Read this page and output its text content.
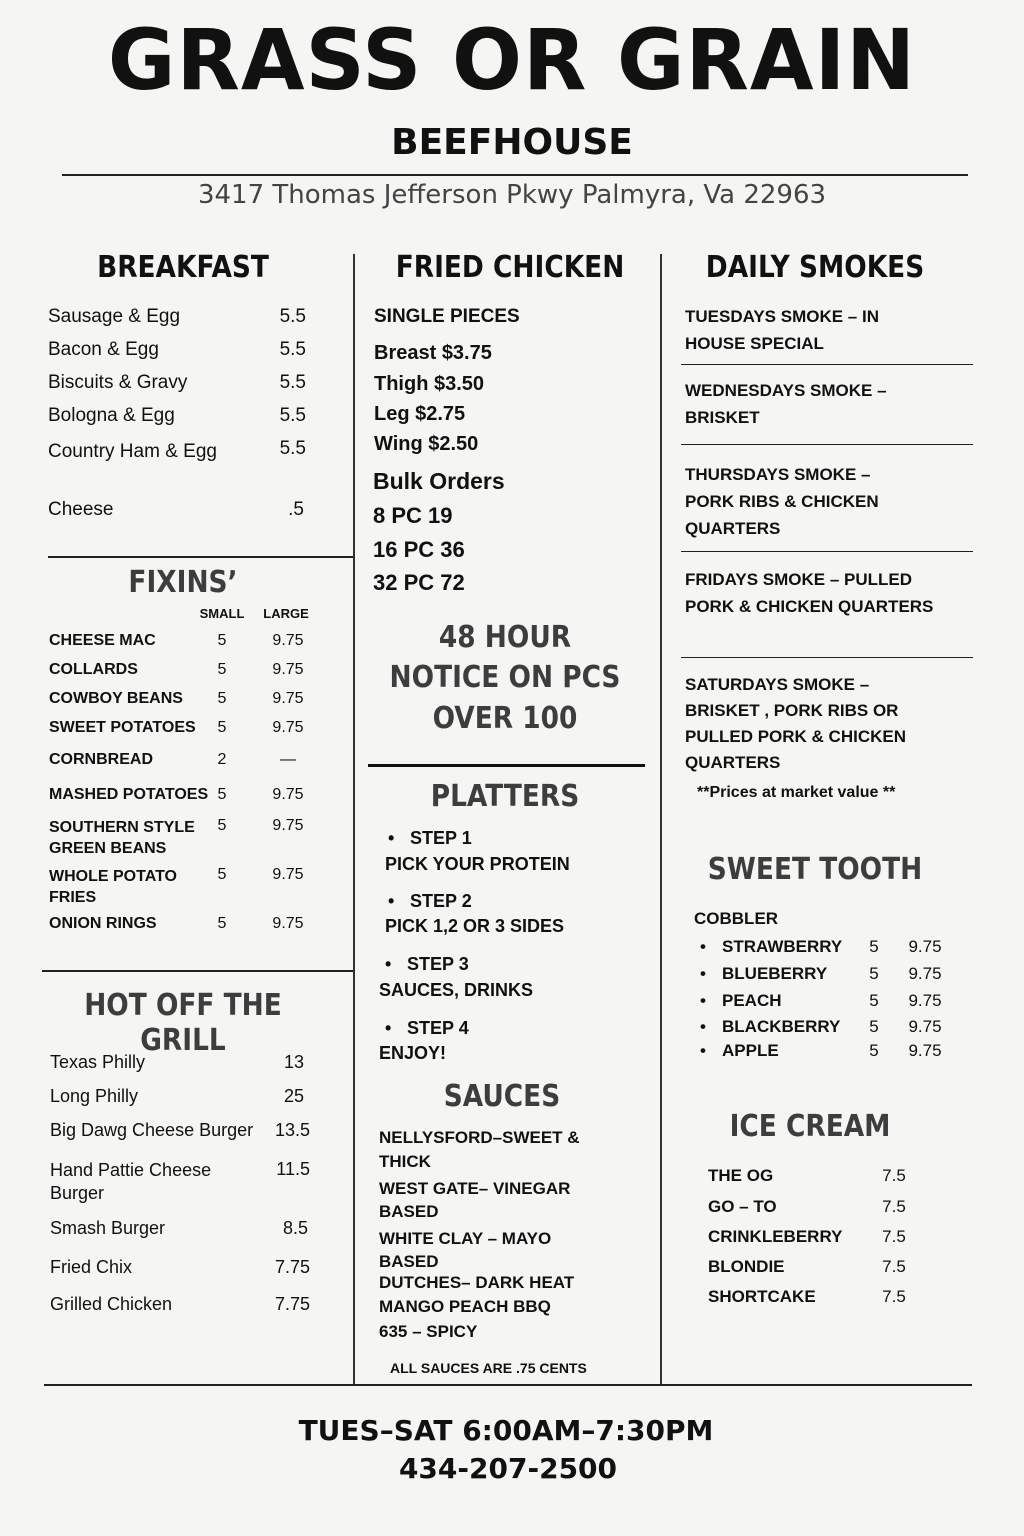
GRASS OR GRAIN
BEEFHOUSE
3417 Thomas Jefferson Pkwy Palmyra, Va 22963
BREAKFAST
Sausage & Egg	5.5
Bacon & Egg	5.5
Biscuits & Gravy	5.5
Bologna & Egg	5.5
Country Ham & Egg	5.5
Cheese	.5
FIXINS’
SMALL LARGE
CHEESE MAC	5	9.75
COLLARDS	5	9.75
COWBOY BEANS	5	9.75
SWEET POTATOES	5	9.75
CORNBREAD	2	—
MASHED POTATOES 5	9.75
SOUTHERN STYLE GREEN BEANS
5	9.75
WHOLE POTATO FRIES
5	9.75
ONION RINGS	5	9.75
HOT OFF THE GRILL
Texas Philly	13
Long Philly	25
Big Dawg Cheese Burger	13.5
Hand Pattie Cheese Burger
11.5
Smash Burger	8.5
Fried Chix	7.75
Grilled Chicken	7.75
FRIED CHICKEN
SINGLE PIECES
Breast $3.75
Thigh $3.50
Leg $2.75
Wing $2.50
Bulk Orders
8 PC 19
16 PC 36
32 PC 72
48 HOUR
NOTICE ON PCS
OVER 100
PLATTERS
• STEP 1
PICK YOUR PROTEIN
• STEP 2
PICK 1,2 OR 3 SIDES
• STEP 3
SAUCES, DRINKS
• STEP 4
ENJOY!
SAUCES
NELLYSFORD–SWEET & THICK
WEST GATE– VINEGAR BASED
WHITE CLAY – MAYO BASED
DUTCHES– DARK HEAT
MANGO PEACH BBQ
635 – SPICY
ALL SAUCES ARE .75 CENTS
DAILY SMOKES
TUESDAYS SMOKE – IN HOUSE SPECIAL
WEDNESDAYS SMOKE – BRISKET
THURSDAYS SMOKE – PORK RIBS & CHICKEN QUARTERS
FRIDAYS SMOKE – PULLED PORK & CHICKEN QUARTERS
SATURDAYS SMOKE – BRISKET , PORK RIBS OR PULLED PORK & CHICKEN QUARTERS
**Prices at market value **
SWEET TOOTH
COBBLER
• STRAWBERRY 5	9.75
• BLUEBERRY 5	9.75
• PEACH	5	9.75
• BLACKBERRY 5	9.75
• APPLE	5	9.75
ICE CREAM
THE OG	7.5
GO – TO	7.5
CRINKLEBERRY	7.5
BLONDIE	7.5
SHORTCAKE	7.5
TUES–SAT 6:00AM–7:30PM
434-207-2500
